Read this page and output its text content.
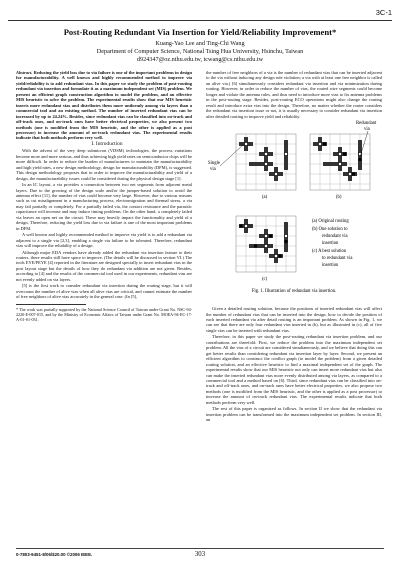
3C-1
Post-Routing Redundant Via Insertion for Yield/Reliability Improvement*
Kuang-Yao Lee and Ting-Chi Wang
Department of Computer Science, National Tsing Hua University, Hsinchu, Taiwan
d924347@oz.nthu.edu.tw, tcwang@cs.nthu.edu.tw

Abstract. Reducing the yield loss due to via failure is one of the important problems in design for manufacturability. A well known and highly recommended method to improve via yield/reliability is to add redundant vias. In this paper we study the problem of post-routing redundant via insertion and formulate it as a maximum independent set (MIS) problem. We present an efficient graph construction algorithm to model the problem, and an effective MIS heuristic to solve the problem. The experimental results show that our MIS heuristic inserts more redundant vias and distributes them more uniformly among via layers than a commercial tool and an existing method. The number of inserted redundant vias can be increased by up to 24.24%. Besides, since redundant vias can be classified into on-track and off-track ones, and on-track ones have better electrical properties, we also present two methods (one is modified from the MIS heuristic, and the other is applied as a post processor) to increase the amount of on-track redundant vias. The experimental results indicate that both methods perform very well.

I. Introduction

With the advent of the very deep submicron (VDSM) technologies, the process variations become more and more serious, and thus achieving high yield rates on semiconductor chips will be more difficult. In order to reduce the burden of manufacturers to maintain the manufacturability and high yield rates, a new design methodology, design for manufacturability (DFM), is suggested. This design methodology proposes that in order to improve the manufacturability and yield of a design, the manufacturability issues could be considered during the physical design stage [1].

In an IC layout, a via provides a connection between two net segments from adjacent metal layers. Due to the growing of the design scale and/or the jumper-based solution to avoid the antenna effect [11], the number of vias could become very large. However, due to various reasons such as cut misalignment in a manufacturing process, electromigration and thermal stress, a via may fail partially or completely. For a partially failed via, the contact resistance and the parasitic capacitance will increase and may induce timing problems. On the other hand, a completely failed via leaves an open net on the circuit. These may heavily impact the functionality and yield of a design. Therefore, reducing the yield loss due to via failure is one of the most important problems in DFM.

A well known and highly recommended method to improve via yield is to add a redundant via adjacent to a single via [2,3], enabling a single via failure to be tolerated. Therefore, redundant vias will improve the reliability of a design.

Although major EDA vendors have already added the redundant via insertion feature to their routers, there results still have space to improve. (The details will be discussed in section VI.) The tools EYE/PEYE [4] reported in the literature are designed specially to insert redundant vias in the post layout stage but the details of how they do redundant via addition are not given. Besides, according to [4] and the results of the commercial tool used in our experiments, redundant vias are not evenly added on via layers.

[5] is the first work to consider redundant via insertion during the routing stage, but it will overcount the number of alive vias when all alive vias are critical, and cannot estimate the number of free neighbors of alive vias accurately in the general case. (In [5],

* The work was partially supported by the National Science Council of Taiwan under Grant No. NSC-94-2220-E-007-015, and by the Ministry of Economic Affairs of Taiwan under Grant No. MOEA-94-EC-17-A-01-S1-031.

the number of free neighbors of a via is the number of redundant vias that can be inserted adjacent to the via without inducing any design rule violation; a via with at least one free neighbor is called an alive via.) [6] simultaneously considers redundant via insertion and via minimization during routing. However, in order to reduce the number of vias, the routed wire segments could become longer and violate the antenna rules, and thus need to introduce more vias to fix antenna problems in the post-routing stage. Besides, post-routing ECO operations might also change the routing result and introduce extra vias into the design. Therefore, no matter whether the router considers the redundant via insertion issue or not, it is usually necessary to consider redundant via insertion after detailed routing to improve yield and reliability.

Single
via
Redundant
via
(a)	(b)
(c)
(a) Original routing
(b) One solution to
redundant via
insertion
(c) A best solution
to redundant via
insertion
Fig. 1. Illustration of redundant via insertion.

Given a detailed routing solution, because the positions of inserted redundant vias will affect the number of redundant vias that can be inserted into the design, how to decide the position of each inserted redundant via after detail routing is an important problem. As shown in Fig. 1, we can see that there are only four redundant vias inserted in (b), but as illustrated in (c), all of five single vias can be inserted with redundant vias.

Therefore, in this paper we study the post-routing redundant via insertion problem, and our contributions are threefold. First, we reduce the problem into the maximum independent set problem. All the vias of a circuit are considered simultaneously, and we believe that doing this can get better results than considering redundant via insertion layer by layer. Second, we present an efficient algorithm to construct the conflict graph (to model the problem) from a given detailed routing solution, and an effective heuristic to find a maximal independent set of the graph. The experimental results show that our MIS heuristic not only can insert more redundant vias but also can make the inserted redundant vias more evenly distributed among via layers, as compared to a commercial tool and a method based on [6]. Third, since redundant vias can be classified into on-track and off-track ones, and on-track ones have better electrical properties, we also propose two methods (one is modified from the MIS heuristic, and the other is applied as a post processor) to increase the amount of on-track redundant vias. The experimental results indicate that both methods perform very well.

The rest of this paper is organized as follows. In section II we show that the redundant via insertion problem can be transformed into the maximum independent set problem. In section III, an

0-7803-9451-8/06/$20.00 ©2006 IEEE.	303
